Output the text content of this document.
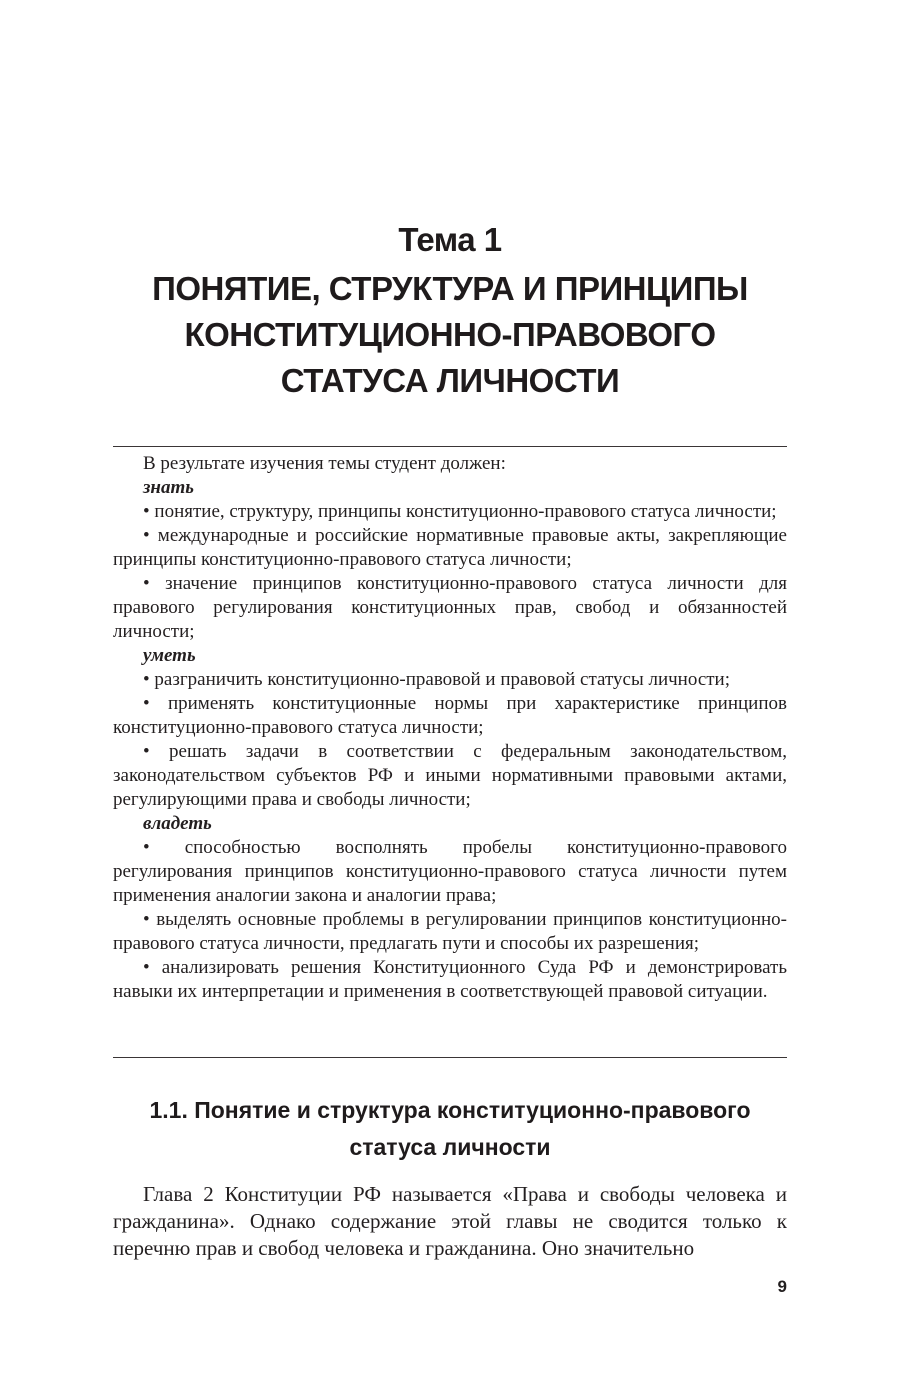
Тема 1
ПОНЯТИЕ, СТРУКТУРА И ПРИНЦИПЫ
КОНСТИТУЦИОННО-ПРАВОВОГО
СТАТУСА ЛИЧНОСТИ

В результате изучения темы студент должен:

знать

• понятие, структуру, принципы конституционно-правового статуса личности;

• международные и российские нормативные правовые акты, закрепляющие принципы конституционно-правового статуса личности;

• значение принципов конституционно-правового статуса личности для правового регулирования конституционных прав, свобод и обязанностей личности;

уметь

• разграничить конституционно-правовой и правовой статусы личности;

• применять конституционные нормы при характеристике принципов конституционно-правового статуса личности;

• решать задачи в соответствии с федеральным законодательством, законодательством субъектов РФ и иными нормативными правовыми актами, регулирующими права и свободы личности;

владеть

• способностью восполнять пробелы конституционно-правового регулирования принципов конституционно-правового статуса личности путем применения аналогии закона и аналогии права;

• выделять основные проблемы в регулировании принципов конституционно-правового статуса личности, предлагать пути и способы их разрешения;

• анализировать решения Конституционного Суда РФ и демонстрировать навыки их интерпретации и применения в соответствующей правовой ситуации.

1.1. Понятие и структура конституционно-правового
статуса личности

Глава 2 Конституции РФ называется «Права и свободы человека и гражданина». Однако содержание этой главы не сводится только к перечню прав и свобод человека и гражданина. Оно значительно

9
